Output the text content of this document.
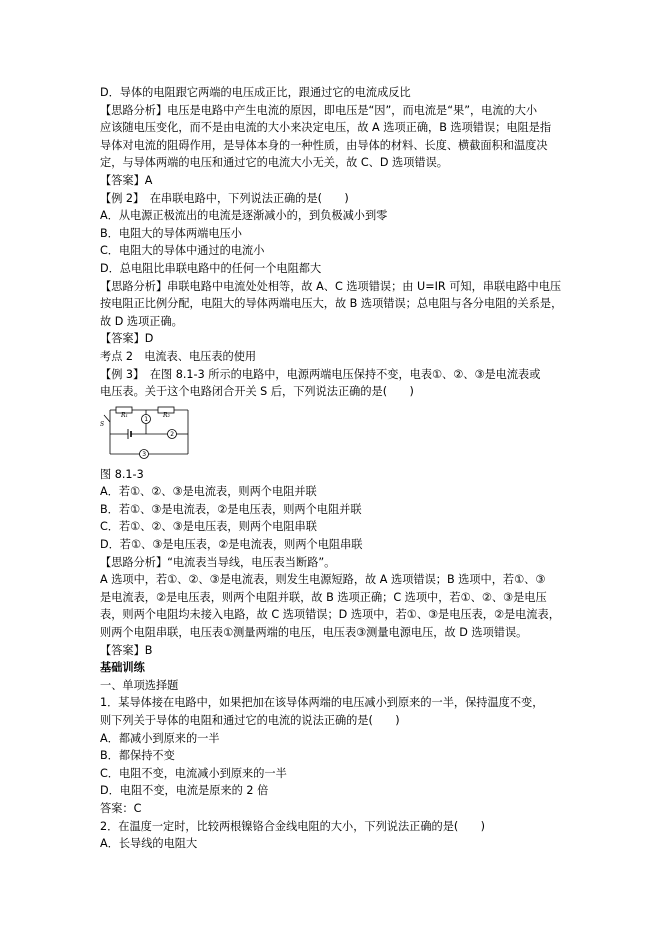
D．导体的电阻跟它两端的电压成正比，跟通过它的电流成反比
【思路分析】电压是电路中产生电流的原因，即电压是“因”，而电流是“果”，电流的大小
应该随电压变化，而不是由电流的大小来决定电压，故 A 选项正确，B 选项错误；电阻是指
导体对电流的阻碍作用，是导体本身的一种性质，由导体的材料、长度、横截面积和温度决
定，与导体两端的电压和通过它的电流大小无关，故 C、D 选项错误。
【答案】A
【例 2】　在串联电路中，下列说法正确的是(　　)
A．从电源正极流出的电流是逐渐减小的，到负极减小到零
B．电阻大的导体两端电压小
C．电阻大的导体中通过的电流小
D．总电阻比串联电路中的任何一个电阻都大
【思路分析】串联电路中电流处处相等，故 A、C 选项错误；由 U=IR 可知，串联电路中电压
按电阻正比例分配，电阻大的导体两端电压大，故 B 选项错误；总电阻与各分电阻的关系是，
故 D 选项正确。
【答案】D
考点 2　电流表、电压表的使用
【例 3】　在图 8.1-3 所示的电路中，电源两端电压保持不变，电表①、②、③是电流表或
电压表。关于这个电路闭合开关 S 后，下列说法正确的是(　　)
R₁	R₂
1
2
S
3
图 8.1-3
A．若①、②、③是电流表，则两个电阻并联
B．若①、③是电流表，②是电压表，则两个电阻并联
C．若①、②、③是电压表，则两个电阻串联
D．若①、③是电压表，②是电流表，则两个电阻串联
【思路分析】“电流表当导线，电压表当断路”。
A 选项中，若①、②、③是电流表，则发生电源短路，故 A 选项错误；B 选项中，若①、③
是电流表，②是电压表，则两个电阻并联，故 B 选项正确；C 选项中，若①、②、③是电压
表，则两个电阻均未接入电路，故 C 选项错误；D 选项中，若①、③是电压表，②是电流表，
则两个电阻串联，电压表①测量两端的电压，电压表③测量电源电压，故 D 选项错误。
【答案】B
基础训练
一、单项选择题
1．某导体接在电路中，如果把加在该导体两端的电压减小到原来的一半，保持温度不变，
则下列关于导体的电阻和通过它的电流的说法正确的是(　　)
A．都减小到原来的一半
B．都保持不变
C．电阻不变，电流减小到原来的一半
D．电阻不变，电流是原来的 2 倍
答案：C
2．在温度一定时，比较两根镍铬合金线电阻的大小，下列说法正确的是(　　)
A．长导线的电阻大
